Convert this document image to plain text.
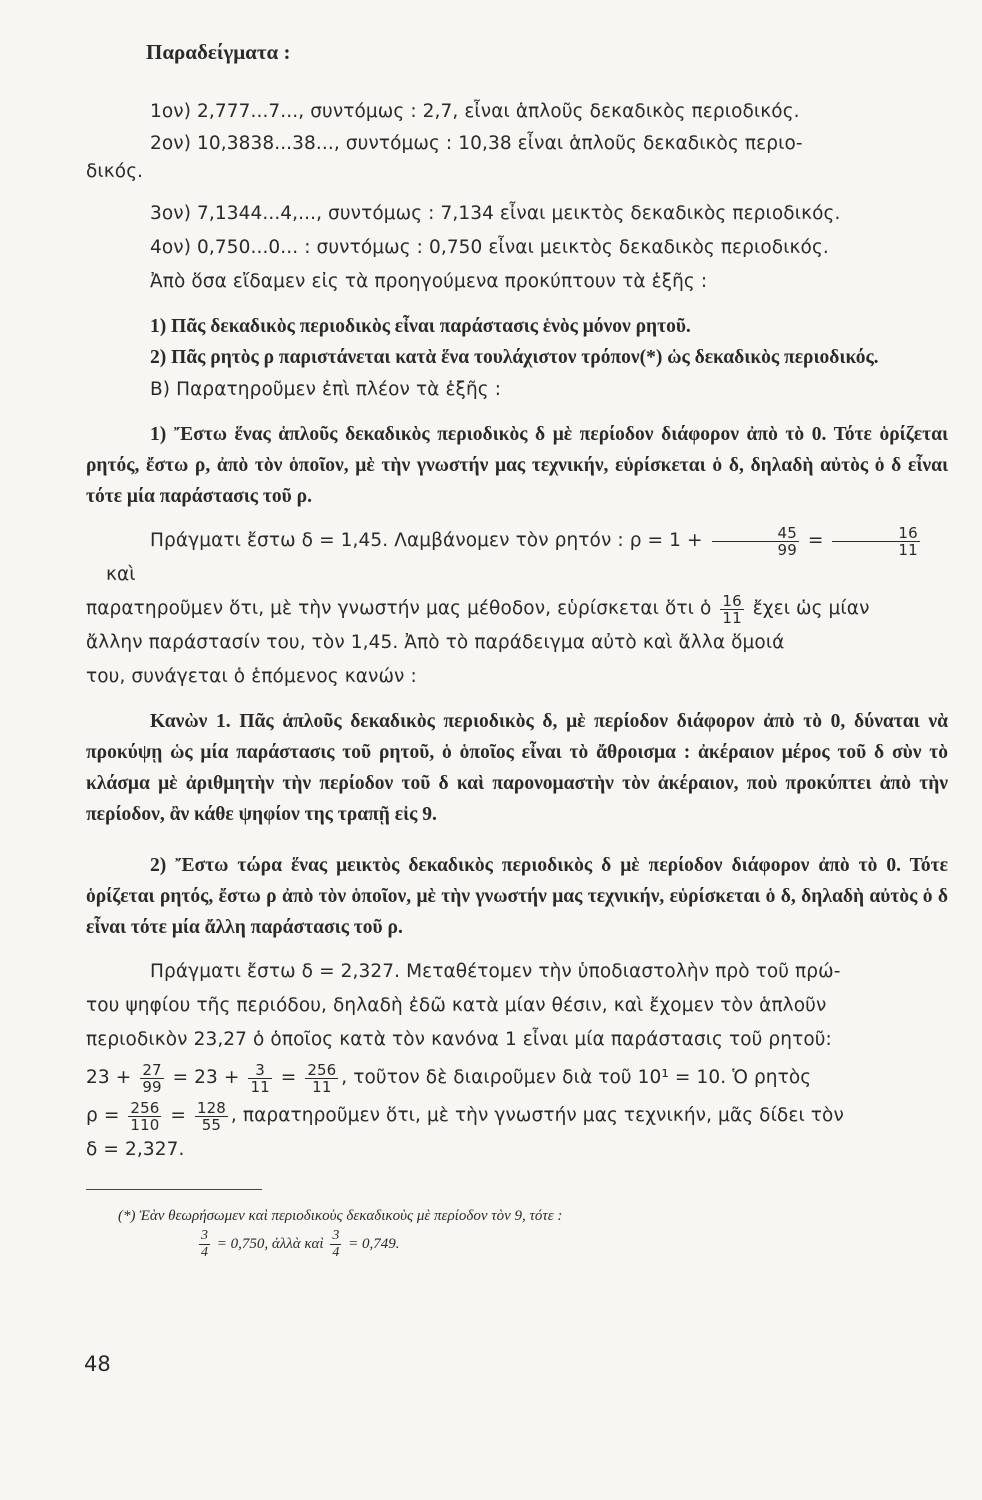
Παραδείγματα :
1ον) 2,777...7..., συντόμως : 2,7, εἶναι ἁπλοῦς δεκαδικὸς περιοδικός.
2ον) 10,3838...38..., συντόμως : 10,38 εἶναι ἁπλοῦς δεκαδικὸς περιο-
δικός.
3ον) 7,1344...4,..., συντόμως : 7,134 εἶναι μεικτὸς δεκαδικὸς περιοδικός.
4ον) 0,750...0... : συντόμως : 0,750 εἶναι μεικτὸς δεκαδικὸς περιοδικός.
Ἀπὸ ὅσα εἴδαμεν εἰς τὰ προηγούμενα προκύπτουν τὰ ἑξῆς :
1) Πᾶς δεκαδικὸς περιοδικὸς εἶναι παράστασις ἑνὸς μόνον ρητοῦ.
2) Πᾶς ρητὸς ρ παριστάνεται κατὰ ἕνα τουλάχιστον τρόπον(*) ὡς δεκαδικὸς περιοδικός.
Β) Παρατηροῦμεν ἐπὶ πλέον τὰ ἑξῆς :
1) Ἔστω ἕνας ἁπλοῦς δεκαδικὸς περιοδικὸς δ μὲ περίοδον διάφορον ἀπὸ τὸ 0. Τότε ὁρίζεται ρητός, ἔστω ρ, ἀπὸ τὸν ὁποῖον, μὲ τὴν γνωστήν μας τεχνικήν, εὑρίσκεται ὁ δ, δηλαδὴ αὐτὸς ὁ δ εἶναι τότε μία παράστασις τοῦ ρ.
Πράγματι ἔστω δ = 1,45. Λαμβάνομεν τὸν ρητόν : $\rho = 1 + \frac{45}{99} = \frac{16}{11}$
καὶ
παρατηροῦμεν ὅτι, μὲ τὴν γνωστήν μας μέθοδον, εὑρίσκεται ὅτι ὁ $\frac{16}{11}$ ἔχει ὡς μίαν
ἄλλην παράστασίν του, τὸν 1,45. Ἀπὸ τὸ παράδειγμα αὐτὸ καὶ ἄλλα ὅμοιά
του, συνάγεται ὁ ἑπόμενος κανών :
Κανὼν 1. Πᾶς ἁπλοῦς δεκαδικὸς περιοδικὸς δ, μὲ περίοδον διάφορον ἀπὸ τὸ 0, δύναται νὰ προκύψῃ ὡς μία παράστασις τοῦ ρητοῦ, ὁ ὁποῖος εἶναι τὸ ἄθροισμα : ἀκέραιον μέρος τοῦ δ σὺν τὸ κλάσμα μὲ ἀριθμητὴν τὴν περίοδον τοῦ δ καὶ παρονομαστὴν τὸν ἀκέραιον, ποὺ προκύπτει ἀπὸ τὴν περίοδον, ἂν κάθε ψηφίον της τραπῇ εἰς 9.
2) Ἔστω τώρα ἕνας μεικτὸς δεκαδικὸς περιοδικὸς δ μὲ περίοδον διάφορον ἀπὸ τὸ 0. Τότε ὁρίζεται ρητός, ἔστω ρ ἀπὸ τὸν ὁποῖον, μὲ τὴν γνωστήν μας τεχνικήν, εὑρίσκεται ὁ δ, δηλαδὴ αὐτὸς ὁ δ εἶναι τότε μία ἄλλη παράστασις τοῦ ρ.
Πράγματι ἔστω δ = 2,327. Μεταθέτομεν τὴν ὑποδιαστολὴν πρὸ τοῦ πρώ-
του ψηφίου τῆς περιόδου, δηλαδὴ ἐδῶ κατὰ μίαν θέσιν, καὶ ἔχομεν τὸν ἁπλοῦν
περιοδικὸν 23,27 ὁ ὁποῖος κατὰ τὸν κανόνα 1 εἶναι μία παράστασις τοῦ ρητοῦ:
$23 + \frac{27}{99} = 23 + \frac{3}{11} = \frac{256}{11}$ , τοῦτον δὲ διαιροῦμεν διὰ τοῦ 10¹ = 10. Ὁ ρητὸς
$\rho = \frac{256}{110} = \frac{128}{55}$ , παρατηροῦμεν ὅτι, μὲ τὴν γνωστήν μας τεχνικήν, μᾶς δίδει τὸν
δ = 2,327.
(*) Ἐὰν θεωρήσωμεν καὶ περιοδικοὺς δεκαδικοὺς μὲ περίοδον τὸν 9, τότε :
$\frac{3}{4} = 0,750$, ἀλλὰ καὶ $\frac{3}{4} = 0,749$.
48
